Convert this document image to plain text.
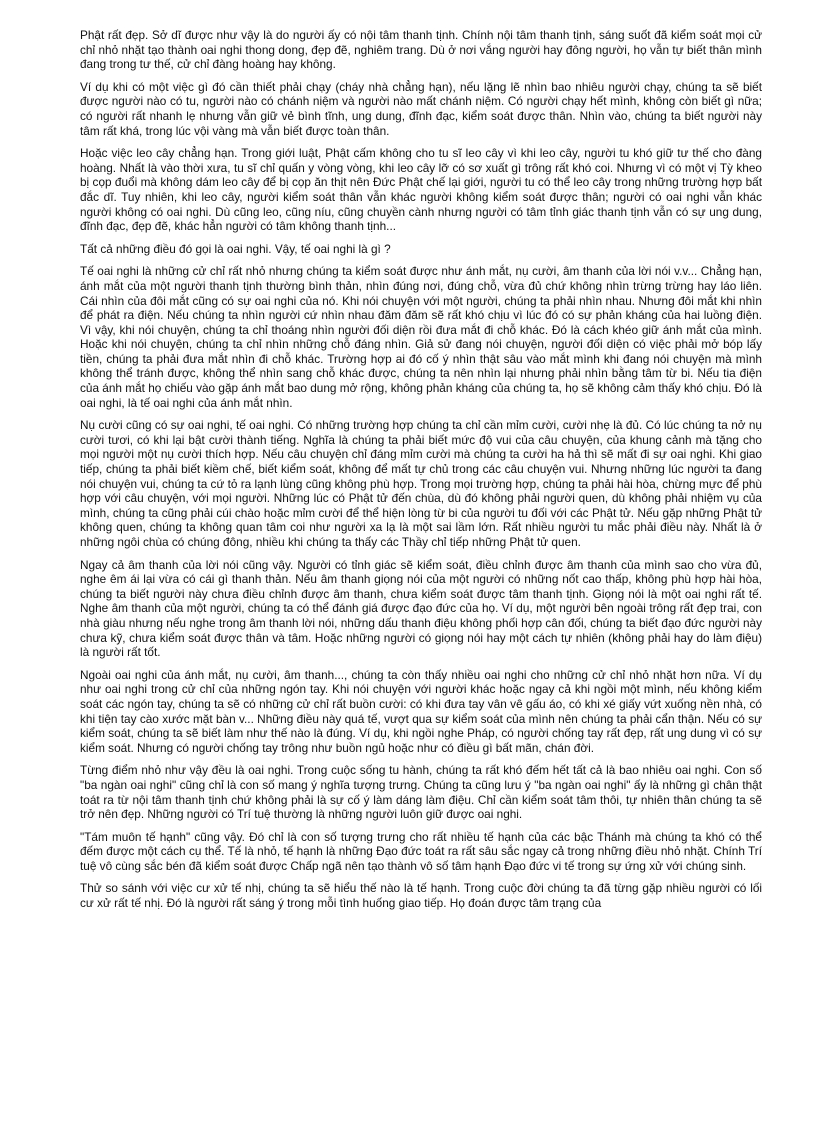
Phật rất đẹp. Sở dĩ được như vậy là do người ấy có nội tâm thanh tịnh. Chính nội tâm thanh tịnh, sáng suốt đã kiểm soát mọi cử chỉ nhỏ nhặt tạo thành oai nghi thong dong, đẹp đẽ, nghiêm trang. Dù ở nơi vắng người hay đông người, họ vẫn tự biết thân mình đang trong tư thế, cử chỉ đàng hoàng hay không.

Ví dụ khi có một việc gì đó cần thiết phải chạy (cháy nhà chẳng hạn), nếu lặng lẽ nhìn bao nhiêu người chạy, chúng ta sẽ biết được người nào có tu, người nào có chánh niệm và người nào mất chánh niệm. Có người chạy hết mình, không còn biết gì nữa; có người rất nhanh lẹ nhưng vẫn giữ vẻ bình tĩnh, ung dung, đĩnh đạc, kiểm soát được thân. Nhìn vào, chúng ta biết người này tâm rất khá, trong lúc vội vàng mà vẫn biết được toàn thân.

Hoặc việc leo cây chẳng hạn. Trong giới luật, Phật cấm không cho tu sĩ leo cây vì khi leo cây, người tu khó giữ tư thế cho đàng hoàng. Nhất là vào thời xưa, tu sĩ chỉ quấn y vòng vòng, khi leo cây lỡ có sơ xuất gì trông rất khó coi. Nhưng vì có một vị Tỳ kheo bị cọp đuổi mà không dám leo cây để bị cọp ăn thịt nên Đức Phật chế lại giới, người tu có thể leo cây trong những trường hợp bất đắc dĩ. Tuy nhiên, khi leo cây, người kiểm soát thân vẫn khác người không kiểm soát được thân; người có oai nghi vẫn khác người không có oai nghi. Dù cũng leo, cũng níu, cũng chuyền cành nhưng người có tâm tỉnh giác thanh tịnh vẫn có sự ung dung, đĩnh đạc, đẹp đẽ, khác hẳn người có tâm không thanh tịnh...

Tất cả những điều đó gọi là oai nghi. Vậy, tế oai nghi là gì ?

Tế oai nghi là những cử chỉ rất nhỏ nhưng chúng ta kiểm soát được như ánh mắt, nụ cười, âm thanh của lời nói v.v... Chẳng hạn, ánh mắt của một người thanh tịnh thường bình thản, nhìn đúng nơi, đúng chỗ, vừa đủ chứ không nhìn trừng trừng hay láo liên. Cái nhìn của đôi mắt cũng có sự oai nghi của nó. Khi nói chuyện với một người, chúng ta phải nhìn nhau. Nhưng đôi mắt khi nhìn để phát ra điện. Nếu chúng ta nhìn người cứ nhìn nhau đăm đăm sẽ rất khó chịu vì lúc đó có sự phản kháng của hai luồng điện. Vì vậy, khi nói chuyện, chúng ta chỉ thoáng nhìn người đối diện rồi đưa mắt đi chỗ khác. Đó là cách khéo giữ ánh mắt của mình. Hoặc khi nói chuyện, chúng ta chỉ nhìn những chỗ đáng nhìn. Giả sử đang nói chuyện, người đối diện có việc phải mở bóp lấy tiền, chúng ta phải đưa mắt nhìn đi chỗ khác. Trường hợp ai đó cố ý nhìn thật sâu vào mắt mình khi đang nói chuyện mà mình không thể tránh được, không thể nhìn sang chỗ khác được, chúng ta nên nhìn lại nhưng phải nhìn bằng tâm từ bi. Nếu tia điện của ánh mắt họ chiếu vào gặp ánh mắt bao dung mở rộng, không phản kháng của chúng ta, họ sẽ không cảm thấy khó chịu. Đó là oai nghi, là tế oai nghi của ánh mắt nhìn.

Nụ cười cũng có sự oai nghi, tế oai nghi. Có những trường hợp chúng ta chỉ cần mỉm cười, cười nhẹ là đủ. Có lúc chúng ta nở nụ cười tươi, có khi lại bật cười thành tiếng. Nghĩa là chúng ta phải biết mức độ vui của câu chuyện, của khung cảnh mà tặng cho mọi người một nụ cười thích hợp. Nếu câu chuyện chỉ đáng mỉm cười mà chúng ta cười ha hả thì sẽ mất đi sự oai nghi. Khi giao tiếp, chúng ta phải biết kiềm chế, biết kiểm soát, không để mất tự chủ trong các câu chuyện vui. Nhưng những lúc người ta đang nói chuyện vui, chúng ta cứ tỏ ra lạnh lùng cũng không phù hợp. Trong mọi trường hợp, chúng ta phải hài hòa, chừng mực để phù hợp với câu chuyện, với mọi người. Những lúc có Phật tử đến chùa, dù đó không phải người quen, dù không phải nhiệm vụ của mình, chúng ta cũng phải cúi chào hoặc mỉm cười để thể hiện lòng từ bi của người tu đối với các Phật tử. Nếu gặp những Phật tử không quen, chúng ta không quan tâm coi như người xa lạ là một sai lầm lớn. Rất nhiều người tu mắc phải điều này. Nhất là ở những ngôi chùa có chúng đông, nhiều khi chúng ta thấy các Thầy chỉ tiếp những Phật tử quen.

Ngay cả âm thanh của lời nói cũng vậy. Người có tỉnh giác sẽ kiểm soát, điều chỉnh được âm thanh của mình sao cho vừa đủ, nghe êm ái lại vừa có cái gì thanh thản. Nếu âm thanh giọng nói của một người có những nốt cao thấp, không phù hợp hài hòa, chúng ta biết người này chưa điều chỉnh được âm thanh, chưa kiểm soát được tâm thanh tịnh. Giọng nói là một oai nghi rất tế. Nghe âm thanh của một người, chúng ta có thể đánh giá được đạo đức của họ. Ví dụ, một người bên ngoài trông rất đẹp trai, con nhà giàu nhưng nếu nghe trong âm thanh lời nói, những dấu thanh điệu không phối hợp cân đối, chúng ta biết đạo đức người này chưa kỹ, chưa kiểm soát được thân và tâm. Hoặc những người có giọng nói hay một cách tự nhiên (không phải hay do làm điệu) là người rất tốt.

Ngoài oai nghi của ánh mắt, nụ cười, âm thanh..., chúng ta còn thấy nhiều oai nghi cho những cử chỉ nhỏ nhặt hơn nữa. Ví dụ như oai nghi trong cử chỉ của những ngón tay. Khi nói chuyện với người khác hoặc ngay cả khi ngồi một mình, nếu không kiểm soát các ngón tay, chúng ta sẽ có những cử chỉ rất buồn cười: có khi đưa tay vân vê gấu áo, có khi xé giấy vứt xuống nền nhà, có khi tiện tay cào xước mặt bàn v... Những điều này quá tế, vượt qua sự kiểm soát của mình nên chúng ta phải cẩn thận. Nếu có sự kiểm soát, chúng ta sẽ biết làm như thế nào là đúng. Ví dụ, khi ngồi nghe Pháp, có người chống tay rất đẹp, rất ung dung vì có sự kiểm soát. Nhưng có người chống tay trông như buồn ngủ hoặc như có điều gì bất mãn, chán đời.

Từng điểm nhỏ như vậy đều là oai nghi. Trong cuộc sống tu hành, chúng ta rất khó đếm hết tất cả là bao nhiêu oai nghi. Con số "ba ngàn oai nghi" cũng chỉ là con số mang ý nghĩa tượng trưng. Chúng ta cũng lưu ý "ba ngàn oai nghi" ấy là những gì chân thật toát ra từ nội tâm thanh tịnh chứ không phải là sự cố ý làm dáng làm điệu. Chỉ cần kiểm soát tâm thôi, tự nhiên thân chúng ta sẽ trở nên đẹp. Những người có Trí tuệ thường là những người luôn giữ được oai nghi.

"Tám muôn tế hạnh" cũng vậy. Đó chỉ là con số tượng trưng cho rất nhiều tế hạnh của các bậc Thánh mà chúng ta khó có thể đếm được một cách cụ thể. Tế là nhỏ, tế hạnh là những Đạo đức toát ra rất sâu sắc ngay cả trong những điều nhỏ nhặt. Chính Trí tuệ vô cùng sắc bén đã kiểm soát được Chấp ngã nên tạo thành vô số tâm hạnh Đạo đức vi tế trong sự ứng xử với chúng sinh.

Thử so sánh với việc cư xử tế nhị, chúng ta sẽ hiểu thế nào là tế hạnh. Trong cuộc đời chúng ta đã từng gặp nhiều người có lối cư xử rất tế nhị. Đó là người rất sáng ý trong mỗi tình huống giao tiếp. Họ đoán được tâm trạng của
